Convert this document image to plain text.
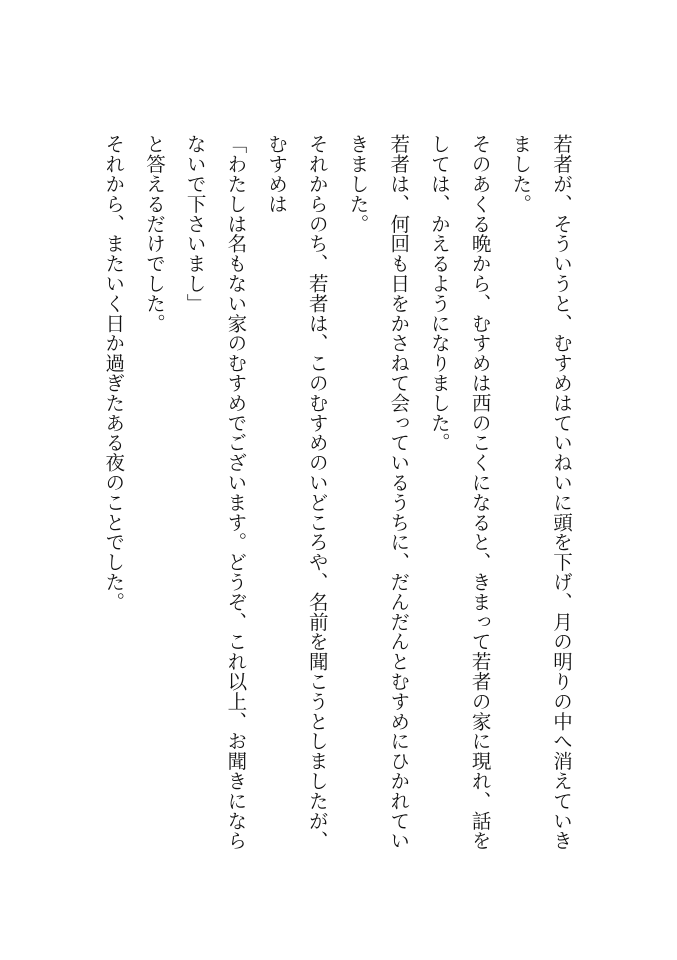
若者が、そういうと、むすめはていねいに頭を下げ、月の明りの中へ消えていきました。

そのあくる晩から、むすめは西のこくになると、きまって若者の家に現れ、話をしては、かえるようになりました。

若者は、何回も日をかさねて会っているうちに、だんだんとむすめにひかれていきました。

それからのち、若者は、このむすめのいどころや、名前を聞こうとしましたが、むすめは

「わたしは名もない家のむすめでございます。どうぞ、これ以上、お聞きにならないで下さいまし」

と答えるだけでした。

それから、またいく日か過ぎたある夜のことでした。
